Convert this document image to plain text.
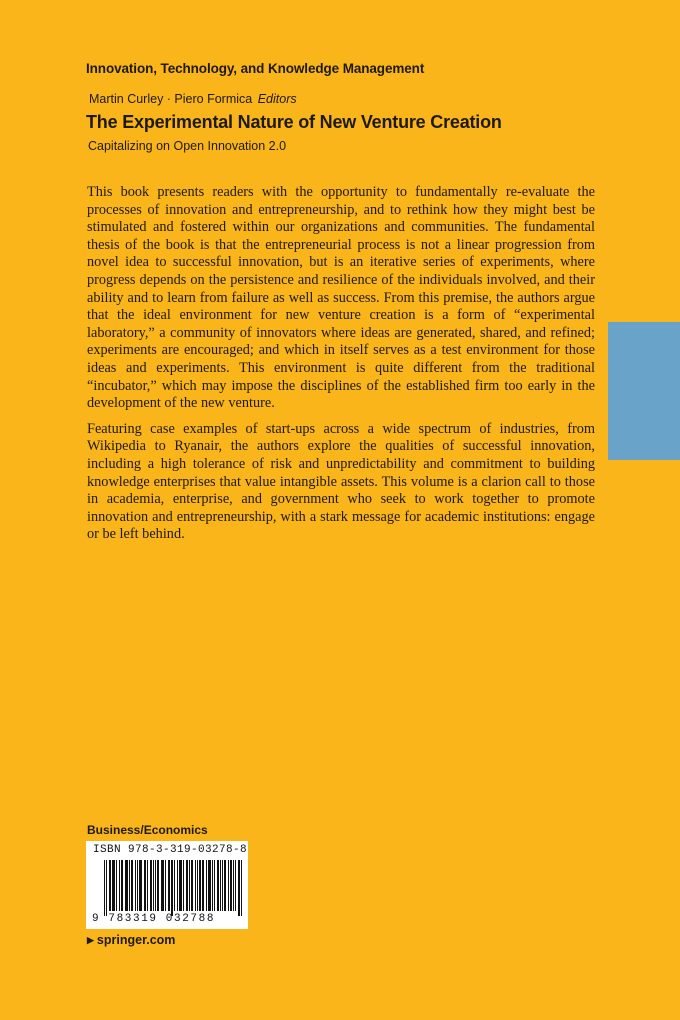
Innovation, Technology, and Knowledge Management
Martin Curley · Piero Formica Editors
The Experimental Nature of New Venture Creation
Capitalizing on Open Innovation 2.0

This book presents readers with the opportunity to fundamentally re-evaluate the processes of innovation and entrepreneurship, and to rethink how they might best be stimulated and fostered within our organizations and communities. The fundamental thesis of the book is that the entrepreneurial process is not a linear progression from novel idea to successful innovation, but is an iterative series of experiments, where progress depends on the persistence and resilience of the individuals involved, and their ability and to learn from failure as well as success. From this premise, the authors argue that the ideal environment for new venture creation is a form of “experimental laboratory,” a community of innovators where ideas are generated, shared, and refined; experiments are encouraged; and which in itself serves as a test environment for those ideas and experiments. This environment is quite different from the traditional “incubator,” which may impose the disciplines of the established firm too early in the development of the new venture.

Featuring case examples of start-ups across a wide spectrum of industries, from Wikipedia to Ryanair, the authors explore the qualities of successful innovation, including a high tolerance of risk and unpredictability and commitment to building knowledge enterprises that value intangible assets. This volume is a clarion call to those in academia, enterprise, and government who seek to work together to promote innovation and entrepreneurship, with a stark message for academic institutions: engage or be left behind.

Business/Economics
ISBN 978-3-319-03278-8
9 783319 032788
▶ springer.com
